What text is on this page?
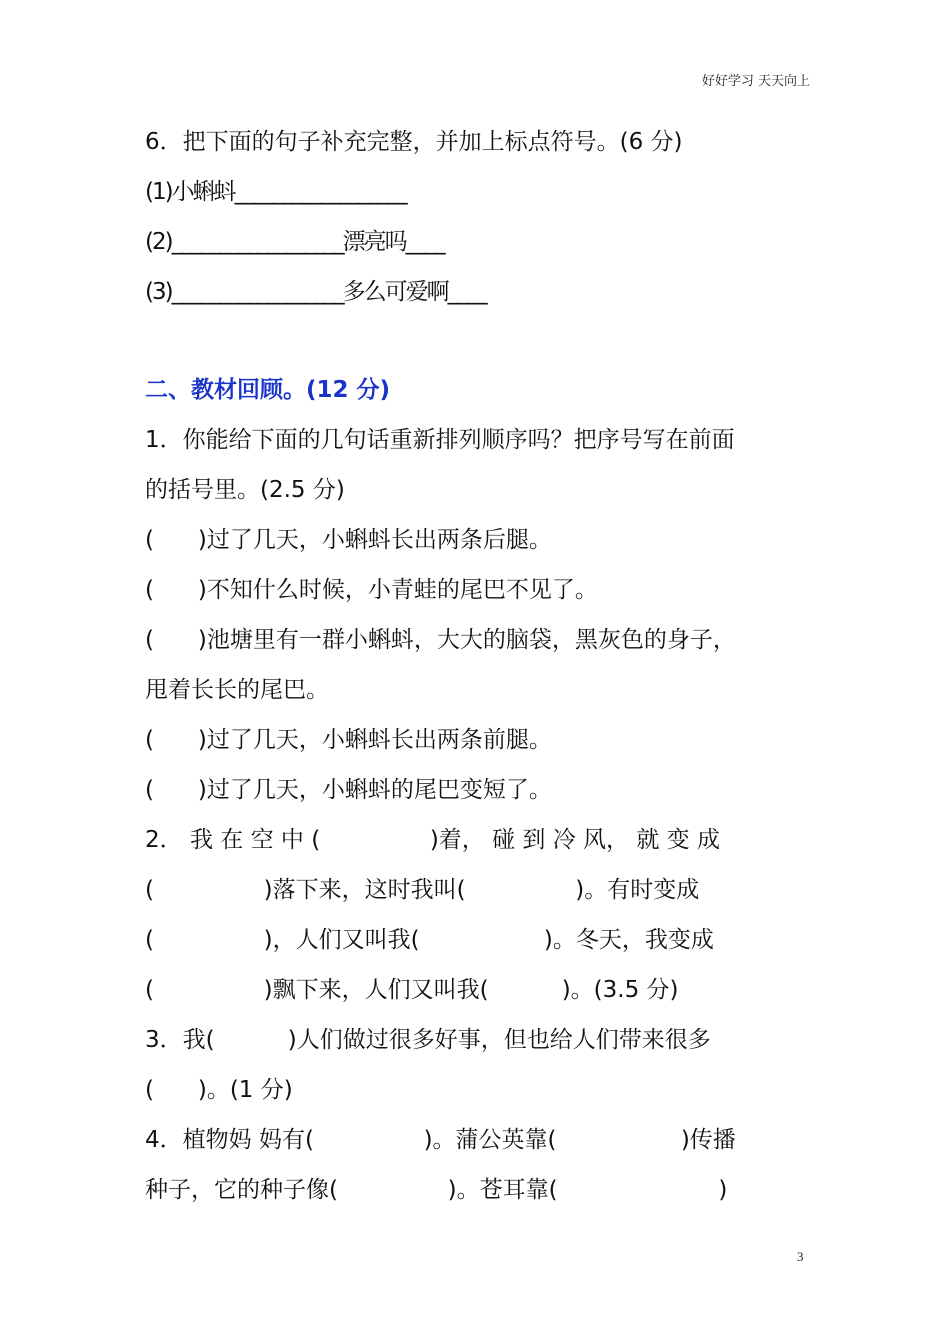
好好学习 天天向上
6．把下面的句子补充完整，并加上标点符号。(6 分)
(1)小蝌蚪__________________
(2)__________________漂亮吗____
(3)__________________多么可爱啊____
二、教材回顾。(12 分)
1．你能给下面的几句话重新排列顺序吗？把序号写在前面
的括号里。(2.5 分)
(      )过了几天，小蝌蚪长出两条后腿。
(      )不知什么时候，小青蛙的尾巴不见了。
(      )池塘里有一群小蝌蚪，大大的脑袋，黑灰色的身子，
甩着长长的尾巴。
(      )过了几天，小蝌蚪长出两条前腿。
(      )过了几天，小蝌蚪的尾巴变短了。
2． 我 在 空 中 (               )着， 碰 到 冷 风， 就 变 成
(               )落下来，这时我叫(               )。有时变成
(               )，人们又叫我(                 )。冬天，我变成
(               )飘下来，人们又叫我(          )。(3.5 分)
3．我(          )人们做过很多好事，但也给人们带来很多
(      )。(1 分)
4．植物妈 妈有(               )。蒲公英靠(                 )传播
种子，它的种子像(               )。苍耳靠(                      )
3
